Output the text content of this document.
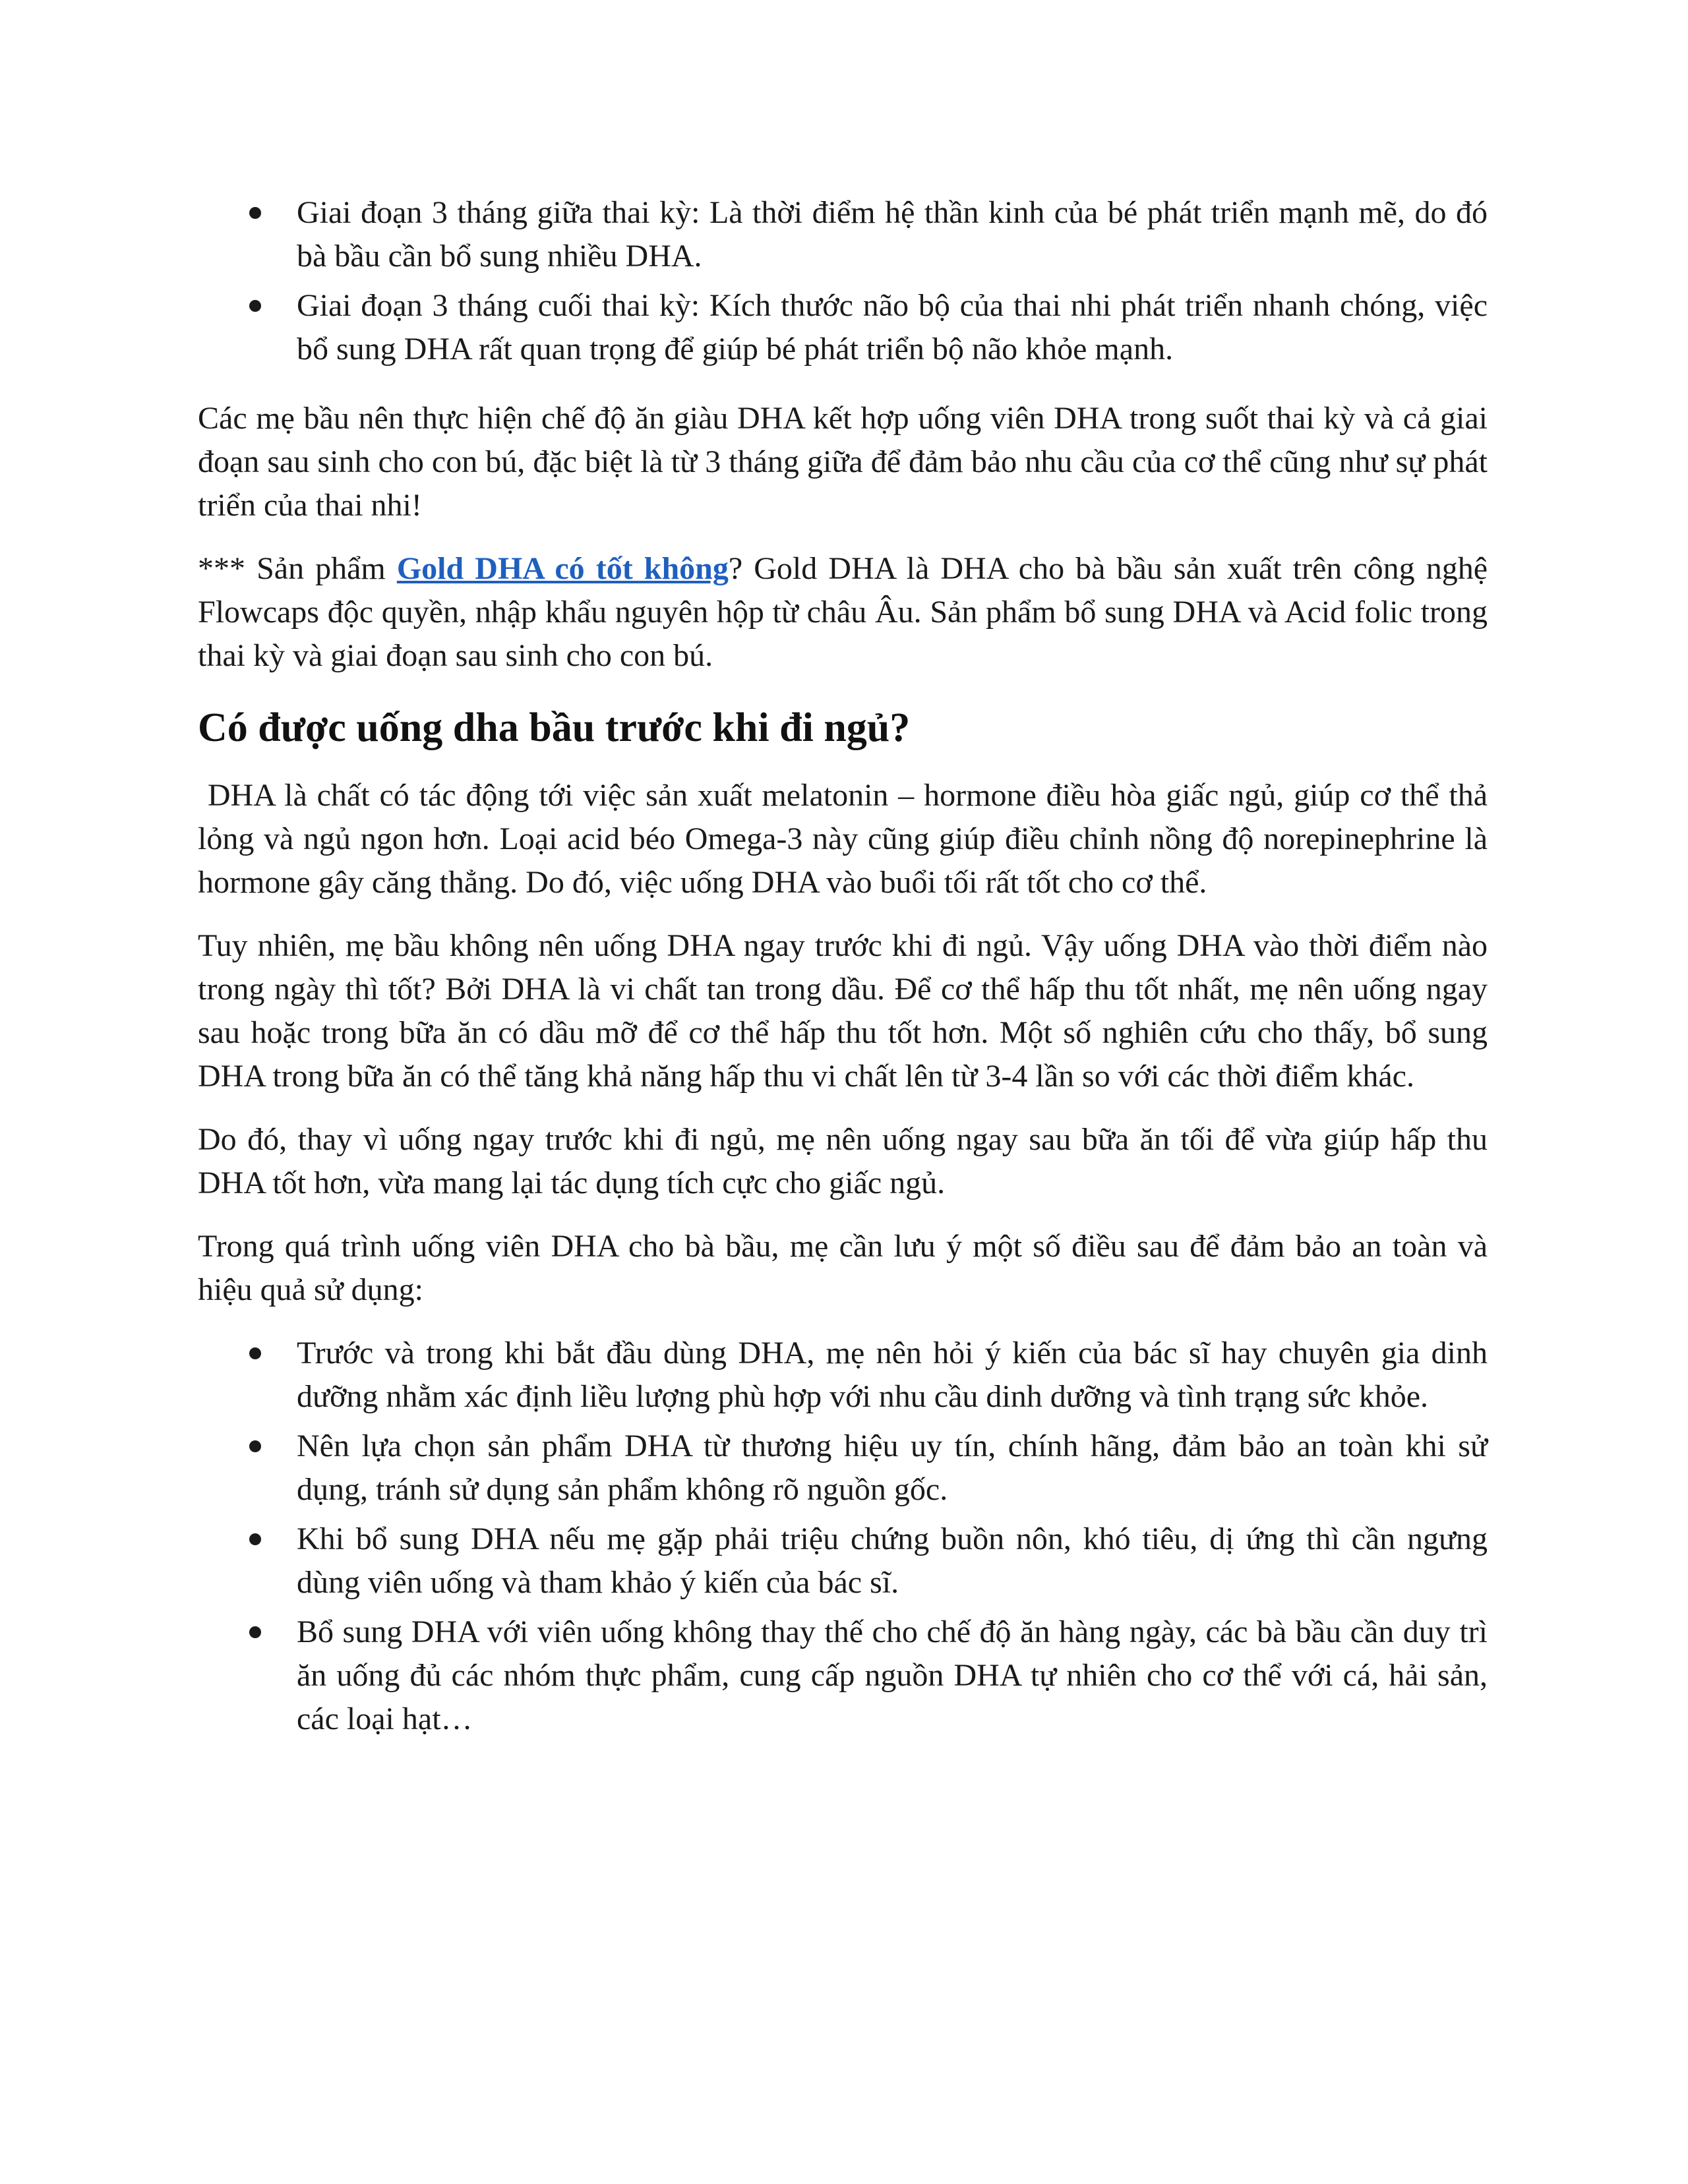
Giai đoạn 3 tháng giữa thai kỳ: Là thời điểm hệ thần kinh của bé phát triển mạnh mẽ, do đó bà bầu cần bổ sung nhiều DHA.
Giai đoạn 3 tháng cuối thai kỳ: Kích thước não bộ của thai nhi phát triển nhanh chóng, việc bổ sung DHA rất quan trọng để giúp bé phát triển bộ não khỏe mạnh.

Các mẹ bầu nên thực hiện chế độ ăn giàu DHA kết hợp uống viên DHA trong suốt thai kỳ và cả giai đoạn sau sinh cho con bú, đặc biệt là từ 3 tháng giữa để đảm bảo nhu cầu của cơ thể cũng như sự phát triển của thai nhi!

*** Sản phẩm Gold DHA có tốt không? Gold DHA là DHA cho bà bầu sản xuất trên công nghệ Flowcaps độc quyền, nhập khẩu nguyên hộp từ châu Âu. Sản phẩm bổ sung DHA và Acid folic trong thai kỳ và giai đoạn sau sinh cho con bú.

Có được uống dha bầu trước khi đi ngủ?

DHA là chất có tác động tới việc sản xuất melatonin – hormone điều hòa giấc ngủ, giúp cơ thể thả lỏng và ngủ ngon hơn. Loại acid béo Omega-3 này cũng giúp điều chỉnh nồng độ norepinephrine là hormone gây căng thẳng. Do đó, việc uống DHA vào buổi tối rất tốt cho cơ thể.

Tuy nhiên, mẹ bầu không nên uống DHA ngay trước khi đi ngủ. Vậy uống DHA vào thời điểm nào trong ngày thì tốt? Bởi DHA là vi chất tan trong dầu. Để cơ thể hấp thu tốt nhất, mẹ nên uống ngay sau hoặc trong bữa ăn có dầu mỡ để cơ thể hấp thu tốt hơn. Một số nghiên cứu cho thấy, bổ sung DHA trong bữa ăn có thể tăng khả năng hấp thu vi chất lên từ 3-4 lần so với các thời điểm khác.

Do đó, thay vì uống ngay trước khi đi ngủ, mẹ nên uống ngay sau bữa ăn tối để vừa giúp hấp thu DHA tốt hơn, vừa mang lại tác dụng tích cực cho giấc ngủ.

Trong quá trình uống viên DHA cho bà bầu, mẹ cần lưu ý một số điều sau để đảm bảo an toàn và hiệu quả sử dụng:

Trước và trong khi bắt đầu dùng DHA, mẹ nên hỏi ý kiến của bác sĩ hay chuyên gia dinh dưỡng nhằm xác định liều lượng phù hợp với nhu cầu dinh dưỡng và tình trạng sức khỏe.
Nên lựa chọn sản phẩm DHA từ thương hiệu uy tín, chính hãng, đảm bảo an toàn khi sử dụng, tránh sử dụng sản phẩm không rõ nguồn gốc.
Khi bổ sung DHA nếu mẹ gặp phải triệu chứng buồn nôn, khó tiêu, dị ứng thì cần ngưng dùng viên uống và tham khảo ý kiến của bác sĩ.
Bổ sung DHA với viên uống không thay thế cho chế độ ăn hàng ngày, các bà bầu cần duy trì ăn uống đủ các nhóm thực phẩm, cung cấp nguồn DHA tự nhiên cho cơ thể với cá, hải sản, các loại hạt…
